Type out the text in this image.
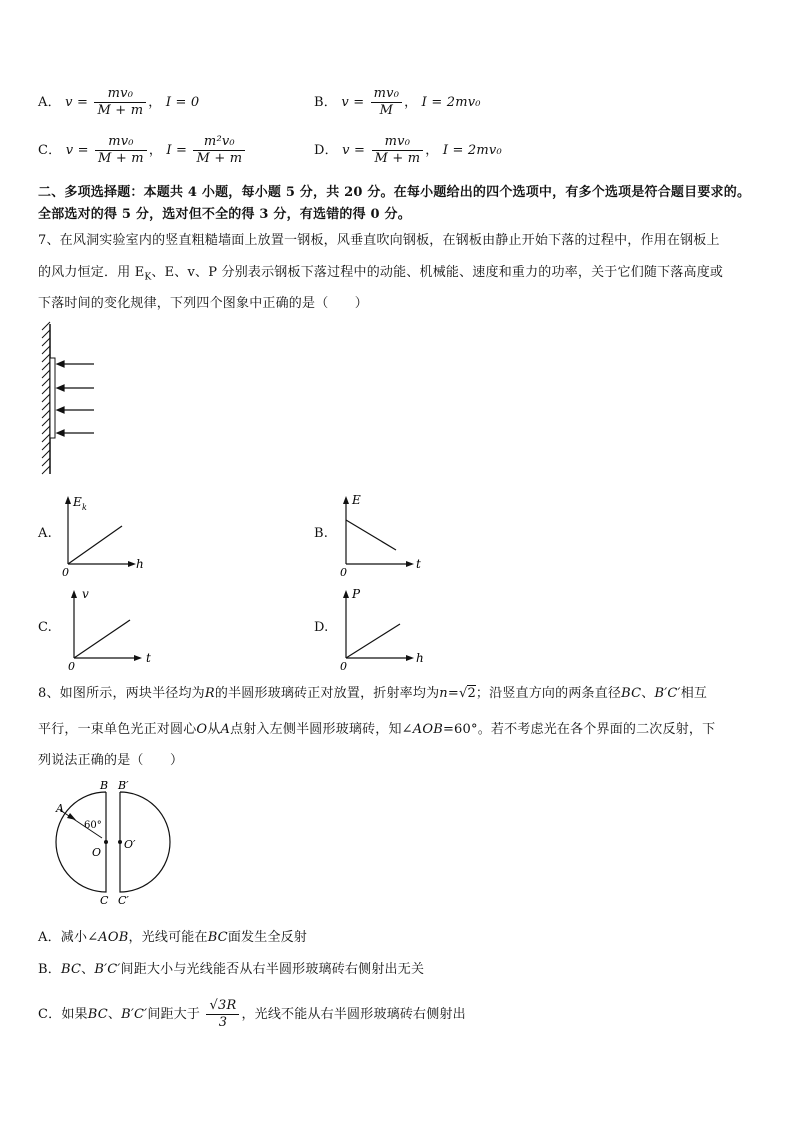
A． $v = \frac{\text{mv₀}}{M + m}$ ， I = 0	B． $v = \frac{\text{mv₀}}{M}$ ， I = 2mv₀
C． $v = \frac{\text{mv₀}}{M + m}$ ， $I = \frac{\text{m²v₀}}{M + m}$	D． $v = \frac{\text{mv₀}}{M + m}$ ， I = 2mv₀
二、多项选择题：本题共 4 小题，每小题 5 分，共 20 分。在每小题给出的四个选项中，有多个选项是符合题目要求的。
全部选对的得 5 分，选对但不全的得 3 分，有选错的得 0 分。
7、在风洞实验室内的竖直粗糙墙面上放置一钢板，风垂直吹向钢板，在钢板由静止开始下落的过程中，作用在钢板上
的风力恒定．用 $E_K$、E、v、P 分别表示钢板下落过程中的动能、机械能、速度和重力的功率，关于它们随下落高度或
下落时间的变化规律，下列四个图象中正确的是（　　）
A.
E k
h
0
B.
E
t
0
C.
v
t
0
D.
P
h
0
8、如图所示，两块半径均为R的半圆形玻璃砖正对放置，折射率均为n=√2；沿竖直方向的两条直径BC、B′C′相互
平行，一束单色光正对圆心O从A点射入左侧半圆形玻璃砖，知∠AOB=60°。若不考虑光在各个界面的二次反射，下
列说法正确的是（　　）
A
B
C
B′
C′
O
O′
60°
A．减小∠AOB，光线可能在BC面发生全反射
B．BC、B′C′间距大小与光线能否从右半圆形玻璃砖右侧射出无关
C．如果BC、B′C′间距大于 $\frac{√3R}{3}$ ，光线不能从右半圆形玻璃砖右侧射出
